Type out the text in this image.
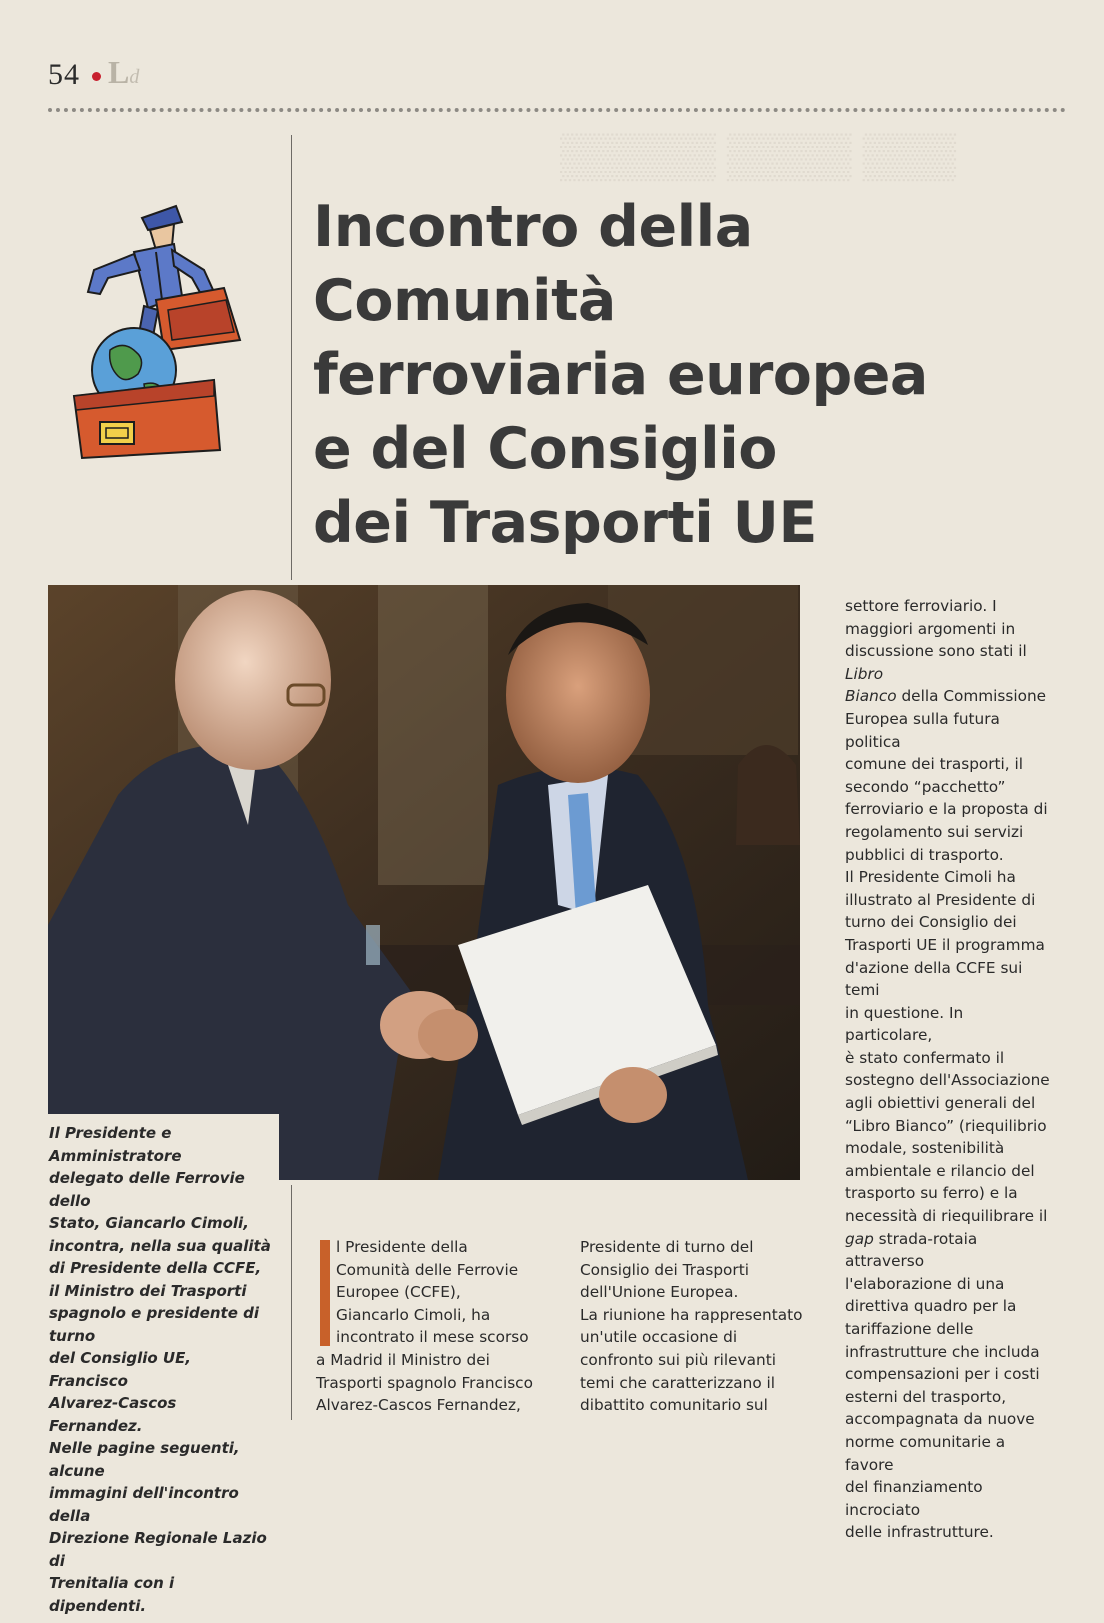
▒▒▒▒▒ ▒▒▒▒ ▒▒▒
54 Ld
Incontro della Comunità
ferroviaria europea
e del Consiglio
dei Trasporti UE

Il Presidente e Amministratore
delegato delle Ferrovie dello
Stato, Giancarlo Cimoli,
incontra, nella sua qualità
di Presidente della CCFE,
il Ministro dei Trasporti
spagnolo e presidente di turno
del Consiglio UE, Francisco
Alvarez-Cascos Fernandez.
Nelle pagine seguenti, alcune
immagini dell'incontro della
Direzione Regionale Lazio di
Trenitalia con i dipendenti.

l Presidente della
Comunità delle Ferrovie
Europee (CCFE),
Giancarlo Cimoli, ha
incontrato il mese scorso
a Madrid il Ministro dei
Trasporti spagnolo Francisco
Alvarez-Cascos Fernandez,
Presidente di turno del
Consiglio dei Trasporti
dell'Unione Europea.
La riunione ha rappresentato
un'utile occasione di
confronto sui più rilevanti
temi che caratterizzano il
dibattito comunitario sul
settore ferroviario. I
maggiori argomenti in
discussione sono stati il Libro
Bianco della Commissione
Europea sulla futura politica
comune dei trasporti, il
secondo “pacchetto”
ferroviario e la proposta di
regolamento sui servizi
pubblici di trasporto.
Il Presidente Cimoli ha
illustrato al Presidente di
turno dei Consiglio dei
Trasporti UE il programma
d'azione della CCFE sui temi
in questione. In particolare,
è stato confermato il
sostegno dell'Associazione
agli obiettivi generali del
“Libro Bianco” (riequilibrio
modale, sostenibilità
ambientale e rilancio del
trasporto su ferro) e la
necessità di riequilibrare il
gap strada-rotaia attraverso
l'elaborazione di una
direttiva quadro per la
tariffazione delle
infrastrutture che includa
compensazioni per i costi
esterni del trasporto,
accompagnata da nuove
norme comunitarie a favore
del finanziamento incrociato
delle infrastrutture.
